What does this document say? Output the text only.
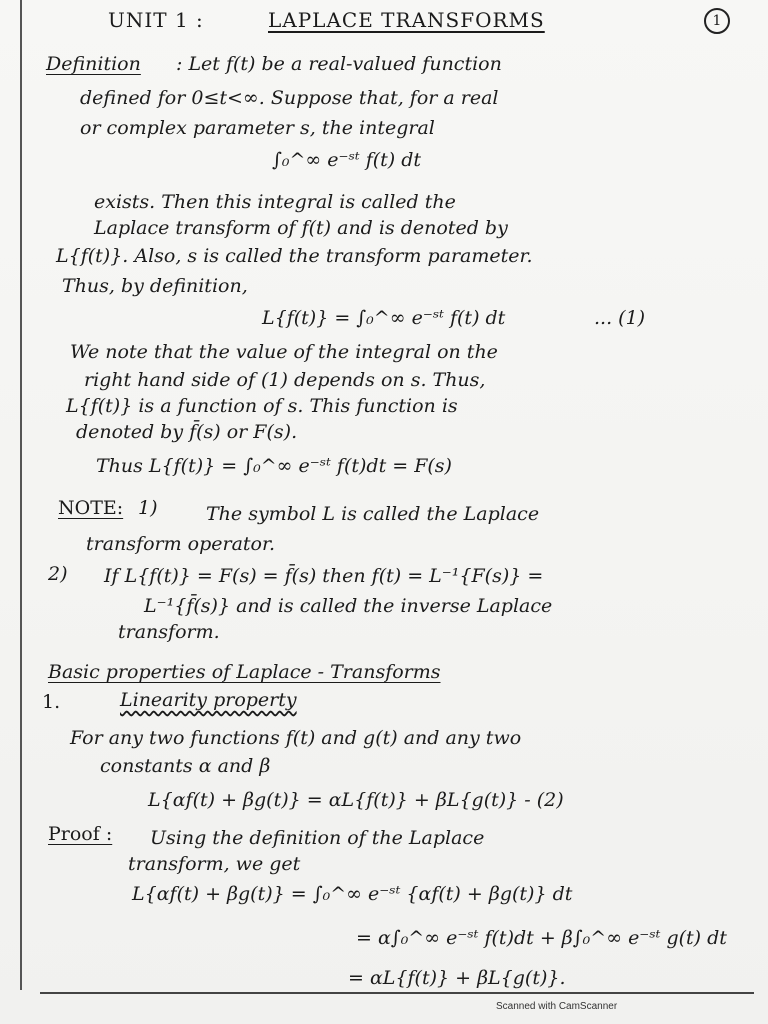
UNIT 1 :	LAPLACE TRANSFORMS	1
Definition : Let f(t) be a real-valued function
defined for 0≤t<∞. Suppose that, for a real
or complex parameter s, the integral
∫₀^∞ e⁻ˢᵗ f(t) dt
exists. Then this integral is called the
Laplace transform of f(t) and is denoted by
L{f(t)}. Also, s is called the transform parameter.
Thus, by definition,
L{f(t)} = ∫₀^∞ e⁻ˢᵗ f(t) dt	... (1)
We note that the value of the integral on the
right hand side of (1) depends on s. Thus,
L{f(t)} is a function of s. This function is
denoted by f̄(s) or F(s).
Thus L{f(t)} = ∫₀^∞ e⁻ˢᵗ f(t)dt = F(s)
NOTE: 1)	The symbol L is called the Laplace
transform operator.
2) If L{f(t)} = F(s) = f̄(s) then f(t) = L⁻¹{F(s)} =
L⁻¹{f̄(s)} and is called the inverse Laplace
transform.
Basic properties of Laplace - Transforms
1.	Linearity property
For any two functions f(t) and g(t) and any two
constants α and β
L{αf(t) + βg(t)} = αL{f(t)} + βL{g(t)} - (2)
Proof : Using the definition of the Laplace
transform, we get
L{αf(t) + βg(t)} = ∫₀^∞ e⁻ˢᵗ {αf(t) + βg(t)} dt
= α∫₀^∞ e⁻ˢᵗ f(t)dt + β∫₀^∞ e⁻ˢᵗ g(t) dt
= αL{f(t)} + βL{g(t)}.
Scanned with CamScanner
